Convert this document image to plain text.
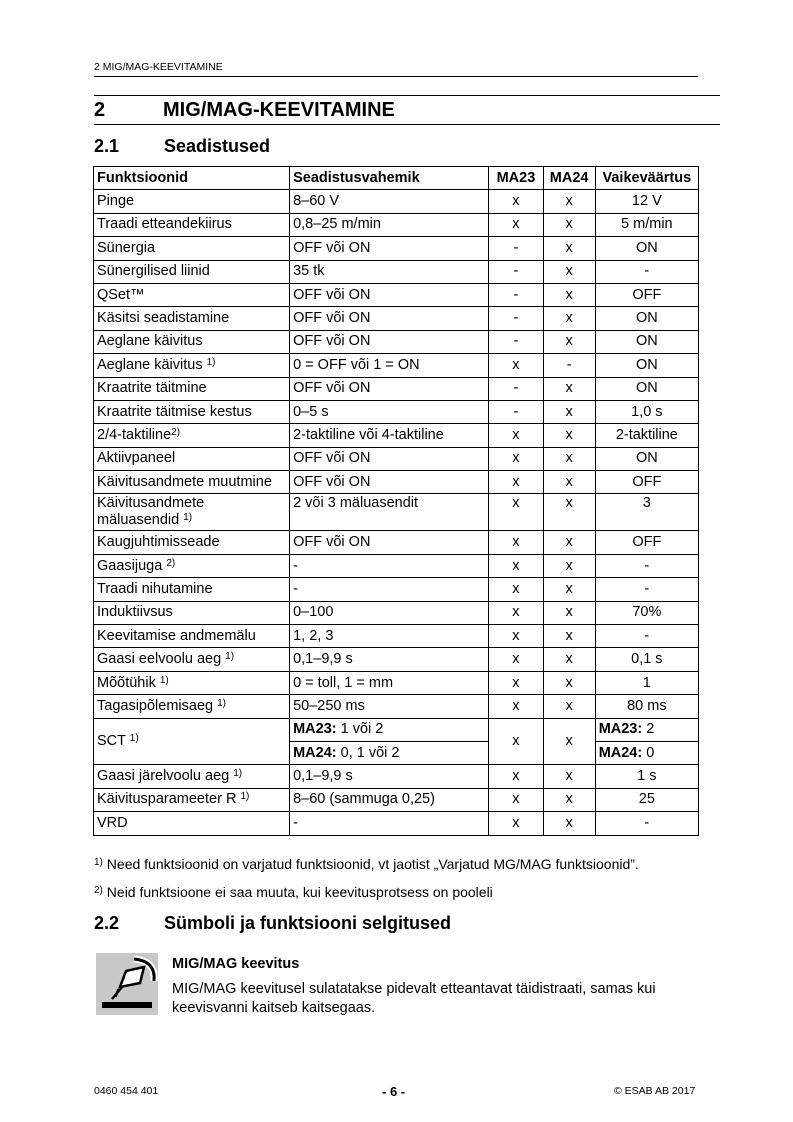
2 MIG/MAG-KEEVITAMINE
2	MIG/MAG-KEEVITAMINE
2.1 Seadistused
Funktsioonid	Seadistusvahemik	MA23	MA24	Vaikeväärtus
Pinge	8–60 V	x	x	12 V
Traadi etteandekiirus	0,8–25 m/min	x	x	5 m/min
Sünergia	OFF või ON	-	x	ON
Sünergilised liinid	35 tk	-	x	-
QSet™	OFF või ON	-	x	OFF
Käsitsi seadistamine	OFF või ON	-	x	ON
Aeglane käivitus	OFF või ON	-	x	ON
Aeglane käivitus $^{1)}$	0 = OFF või 1 = ON	x	-	ON
Kraatrite täitmine	OFF või ON	-	x	ON
Kraatrite täitmise kestus	0–5 s	-	x	1,0 s
2/4-taktiline$^{2)}$	2-taktiline või 4-taktiline	x	x	2-taktiline
Aktiivpaneel	OFF või ON	x	x	ON
Käivitusandmete muutmine	OFF või ON	x	x	OFF
Käivitusandmete
mäluasendid $^{1)}$	2 või 3 mäluasendit	x	x	3
Kaugjuhtimisseade	OFF või ON	x	x	OFF
Gaasijuga $^{2)}$	-	x	x	-
Traadi nihutamine	-	x	x	-
Induktiivsus	0–100	x	x	70%
Keevitamise andmemälu	1, 2, 3	x	x	-
Gaasi eelvoolu aeg $^{1)}$	0,1–9,9 s	x	x	0,1 s
Mõõtühik $^{1)}$	0 = toll, 1 = mm	x	x	1
Tagasipõlemisaeg $^{1)}$	50–250 ms	x	x	80 ms
SCT $^{1)}$	MA23: 1 või 2	x	x	MA23: 2
	MA24: 0, 1 või 2			MA24: 0
Gaasi järelvoolu aeg $^{1)}$	0,1–9,9 s	x	x	1 s
Käivitusparameeter R $^{1)}$	8–60 (sammuga 0,25)	x	x	25
VRD	-	x	x	-
$^{1)}$ Need funktsioonid on varjatud funktsioonid, vt jaotist „Varjatud MG/MAG funktsioonid”.
$^{2)}$ Neid funktsioone ei saa muuta, kui keevitusprotsess on pooleli
2.2 Sümboli ja funktsiooni selgitused
MIG/MAG keevitus
MIG/MAG keevitusel sulatatakse pidevalt etteantavat täidistraati, samas kui keevisvanni kaitseb kaitsegaas.
0460 454 401	- 6 -	© ESAB AB 2017
